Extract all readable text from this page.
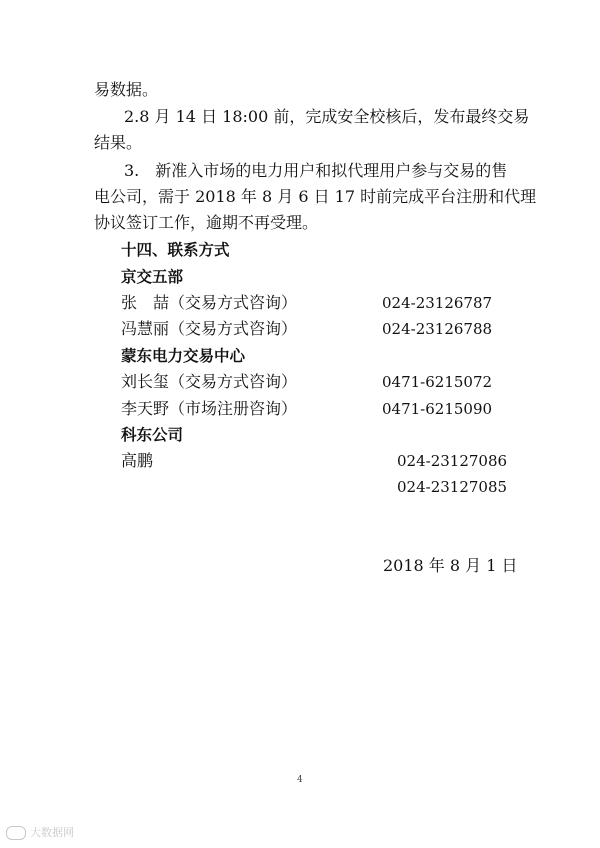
易数据。
2.8 月 14 日 18:00 前，完成安全校核后，发布最终交易
结果。
3.　新准入市场的电力用户和拟代理用户参与交易的售
电公司，需于 2018 年 8 月 6 日 17 时前完成平台注册和代理
协议签订工作，逾期不再受理。
十四、联系方式
京交五部
张　喆（交易方式咨询）	024-23126787
冯慧丽（交易方式咨询）	024-23126788
蒙东电力交易中心
刘长玺（交易方式咨询）	0471-6215072
李天野（市场注册咨询）	0471-6215090
科东公司
高鹏	024-23127086
024-23127085
2018 年 8 月 1 日
4
大数据网
